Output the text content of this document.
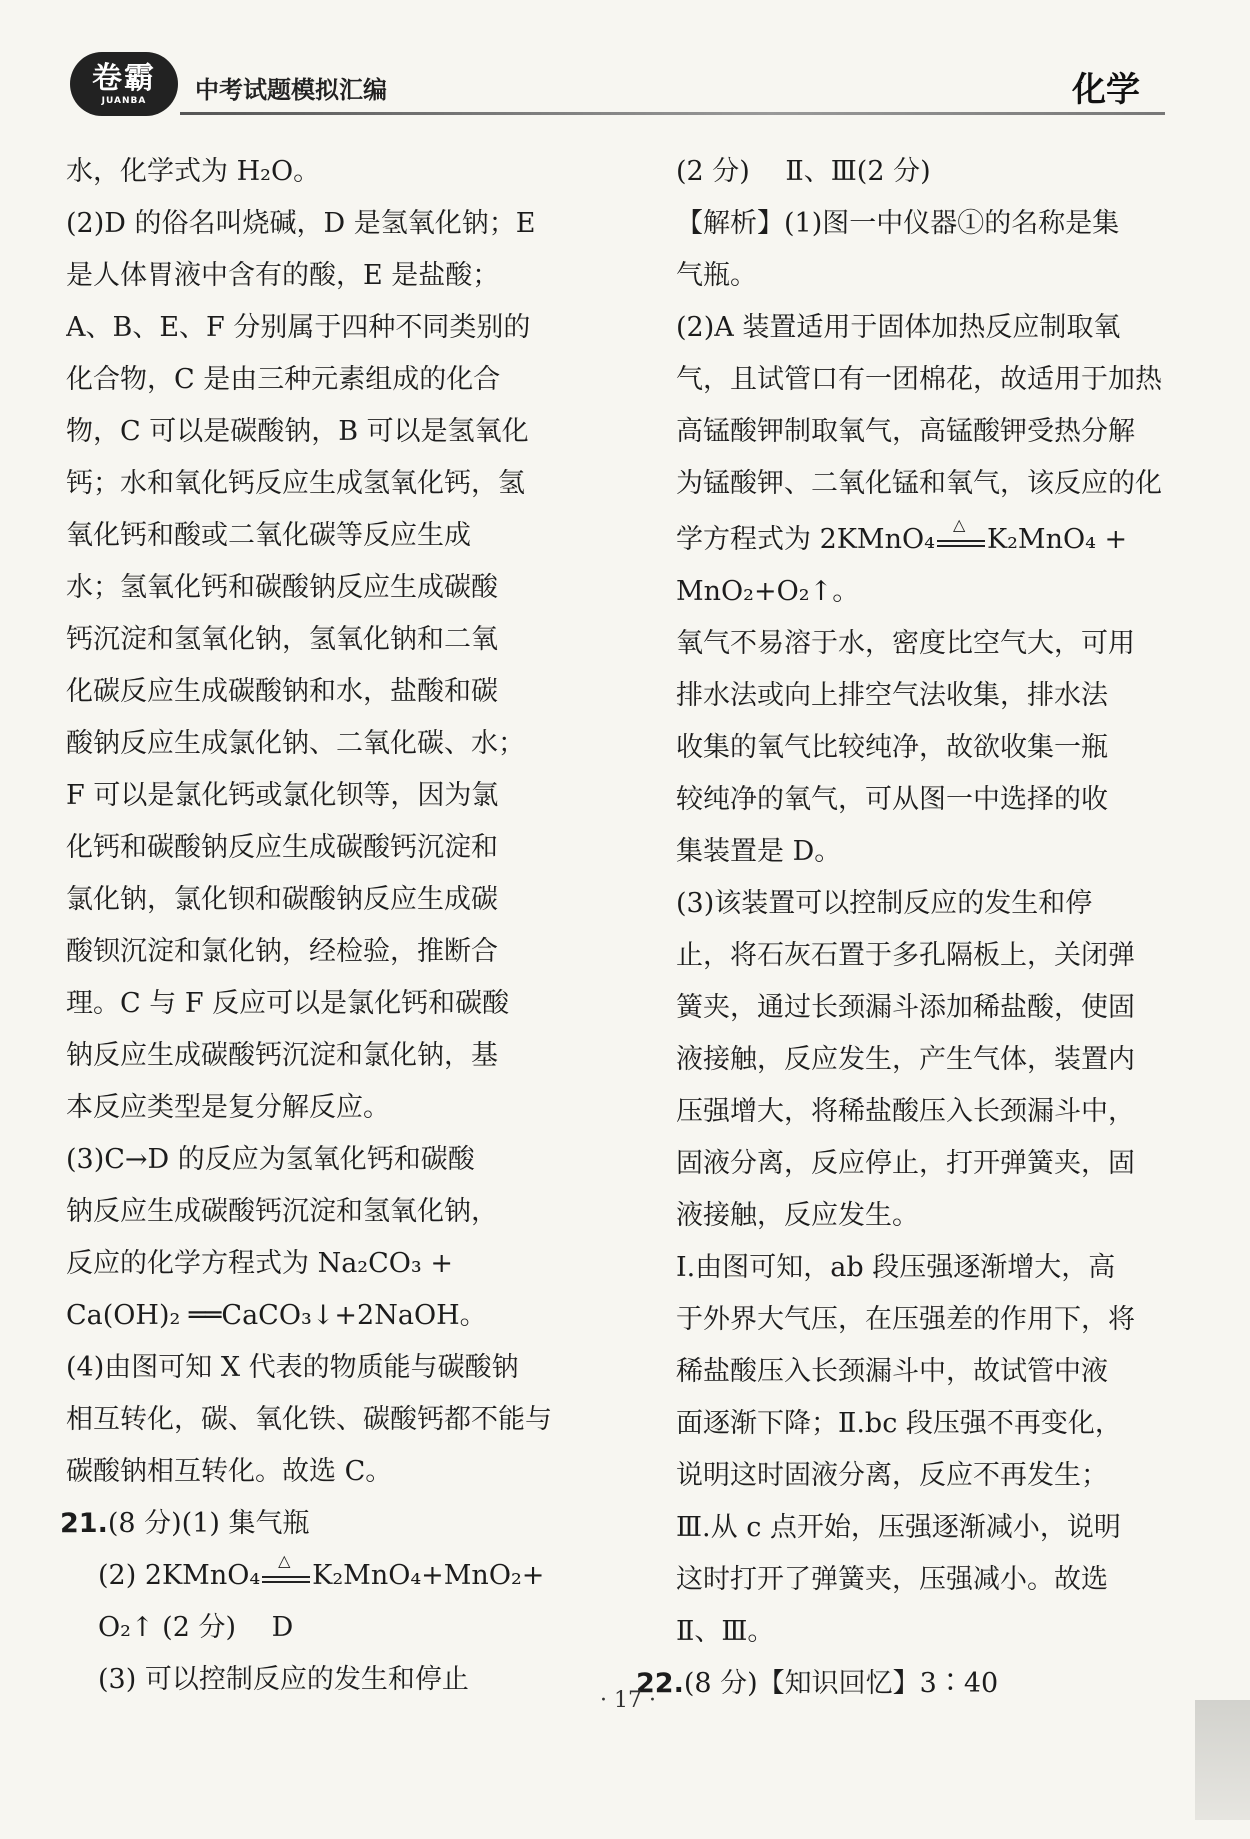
卷霸
JUANBA 中考试题模拟汇编	化学
水，化学式为 H₂O。
(2)D 的俗名叫烧碱，D 是氢氧化钠；E
是人体胃液中含有的酸，E 是盐酸；
A、B、E、F 分别属于四种不同类别的
化合物，C 是由三种元素组成的化合
物，C 可以是碳酸钠，B 可以是氢氧化
钙；水和氧化钙反应生成氢氧化钙，氢
氧化钙和酸或二氧化碳等反应生成
水；氢氧化钙和碳酸钠反应生成碳酸
钙沉淀和氢氧化钠，氢氧化钠和二氧
化碳反应生成碳酸钠和水，盐酸和碳
酸钠反应生成氯化钠、二氧化碳、水；
F 可以是氯化钙或氯化钡等，因为氯
化钙和碳酸钠反应生成碳酸钙沉淀和
氯化钠，氯化钡和碳酸钠反应生成碳
酸钡沉淀和氯化钠，经检验，推断合
理。C 与 F 反应可以是氯化钙和碳酸
钠反应生成碳酸钙沉淀和氯化钠，基
本反应类型是复分解反应。
(3)C→D 的反应为氢氧化钙和碳酸
钠反应生成碳酸钙沉淀和氢氧化钠，
反应的化学方程式为 Na₂CO₃ +
Ca(OH)₂ ══CaCO₃↓+2NaOH。
(4)由图可知 X 代表的物质能与碳酸钠
相互转化，碳、氧化铁、碳酸钙都不能与
碳酸钠相互转化。故选 C。
21.(8 分)(1) 集气瓶
(2) 2KMnO₄ △ K₂MnO₄+MnO₂+
O₂↑ (2 分)　 D
(3) 可以控制反应的发生和停止
(2 分)　 Ⅱ、Ⅲ(2 分)
【解析】(1)图一中仪器①的名称是集
气瓶。
(2)A 装置适用于固体加热反应制取氧
气，且试管口有一团棉花，故适用于加热
高锰酸钾制取氧气，高锰酸钾受热分解
为锰酸钾、二氧化锰和氧气，该反应的化
学方程式为 2KMnO₄ △ K₂MnO₄ +
MnO₂+O₂↑。
氧气不易溶于水，密度比空气大，可用
排水法或向上排空气法收集，排水法
收集的氧气比较纯净，故欲收集一瓶
较纯净的氧气，可从图一中选择的收
集装置是 D。
(3)该装置可以控制反应的发生和停
止，将石灰石置于多孔隔板上，关闭弹
簧夹，通过长颈漏斗添加稀盐酸，使固
液接触，反应发生，产生气体，装置内
压强增大，将稀盐酸压入长颈漏斗中，
固液分离，反应停止，打开弹簧夹，固
液接触，反应发生。
Ⅰ.由图可知，ab 段压强逐渐增大，高
于外界大气压，在压强差的作用下，将
稀盐酸压入长颈漏斗中，故试管中液
面逐渐下降；Ⅱ.bc 段压强不再变化，
说明这时固液分离，反应不再发生；
Ⅲ.从 c 点开始，压强逐渐减小，说明
这时打开了弹簧夹，压强减小。故选
Ⅱ、Ⅲ。
22.(8 分)【知识回忆】3∶40
· 17 ·
